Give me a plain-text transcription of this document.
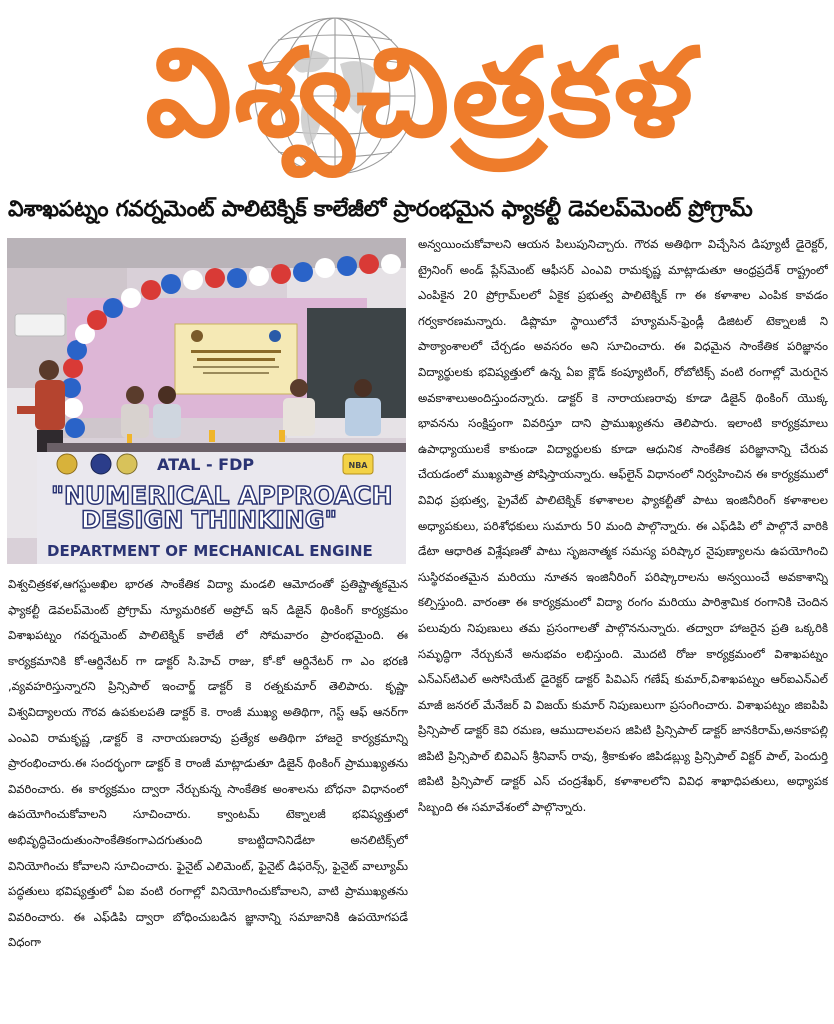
విశ్వచిత్రకళ
విశాఖపట్నం గవర్నమెంట్ పాలిటెక్నిక్ కాలేజీలో ప్రారంభమైన ఫ్యాకల్టీ డెవలప్‌మెంట్ ప్రోగ్రామ్
NBA
ATAL - FDP
"NUMERICAL APPROACH
DESIGN THINKING"
DEPARTMENT OF MECHANICAL ENGINE

విశ్వచిత్రకళ,ఆగస్టుఅఖిల భారత సాంకేతిక విద్యా మండలి ఆమోదంతో ప్రతిష్టాత్మకమైన ఫ్యాకల్టీ డెవలప్‌మెంట్ ప్రోగ్రామ్ న్యూమరికల్ అప్రోచ్ ఇన్ డిజైన్ థింకింగ్ కార్యక్రమం విశాఖపట్నం గవర్నమెంట్ పాలిటెక్నిక్ కాలేజీ లో సోమవారం ప్రారంభమైంది. ఈ కార్యక్రమానికి కో-ఆర్డినేటర్ గా డాక్టర్ సి.హెచ్ రాజు, కో-కో ఆర్డినేటర్ గా ఎం భరణి ,వ్యవహరిస్తున్నారని ప్రిన్సిపాల్ ఇంచార్జ్ డాక్టర్ కె రత్నకుమార్ తెలిపారు. కృష్ణా విశ్వవిద్యాలయ గౌరవ ఉపకులపతి డాక్టర్ కె. రాంజీ ముఖ్య అతిథిగా, గెస్ట్ ఆఫ్ ఆనర్‌గా ఎంఎవి రామకృష్ణ ,డాక్టర్ కె నారాయణరావు ప్రత్యేక అతిథిగా హాజరై కార్యక్రమాన్ని ప్రారంభించారు.ఈ సందర్భంగా డాక్టర్ కె రాంజీ మాట్లాడుతూ డిజైన్ థింకింగ్ ప్రాముఖ్యతను వివరించారు. ఈ కార్యక్రమం ద్వారా నేర్చుకున్న సాంకేతిక అంశాలను బోధనా విధానంలో ఉపయోగించుకోవాలని సూచించారు. క్వాంటమ్ టెక్నాలజీ భవిష్యత్తులో అభివృద్ధిచెందుతుంసాంకేతికంగాఎదగుతుంది కాబట్టిదానినిడేటా అనలిటిక్స్‌లో వినియోగించు కోవాలని సూచించారు. ఫైనైట్ ఎలిమెంట్, ఫైనైట్ డిఫరెన్స్, ఫైనైట్ వాల్యూమ్ పద్ధతులు భవిష్యత్తులో ఏఐ వంటి రంగాల్లో వినియోగించుకోవాలని, వాటి ప్రాముఖ్యతను వివరించారు. ఈ ఎఫ్‌డిపి ద్వారా బోధించుబడిన జ్ఞానాన్ని సమాజానికి ఉపయోగపడే విధంగా

అన్వయించుకోవాలని ఆయన పిలుపునిచ్చారు. గౌరవ అతిథిగా విచ్చేసిన డిప్యూటీ డైరెక్టర్, ట్రైనింగ్ అండ్ ప్లేస్‌మెంట్ ఆఫీసర్ ఎంఎవి రామకృష్ణ మాట్లాడుతూ ఆంధ్రప్రదేశ్ రాష్ట్రంలో ఎంపికైన 20 ప్రోగ్రామ్‌లలో ఏకైక ప్రభుత్వ పాలిటెక్నిక్ గా ఈ కళాశాల ఎంపిక కావడం గర్వకారణమన్నారు. డిప్లొమా స్థాయిలోనే హ్యూమన్-ఫ్రెండ్లీ డిజిటల్ టెక్నాలజీ ని పాఠ్యాంశాలలో చేర్చడం అవసరం అని సూచించారు. ఈ విధమైన సాంకేతిక పరిజ్ఞానం విద్యార్థులకు భవిష్యత్తులో ఉన్న ఏఐ క్లౌడ్ కంప్యూటింగ్, రోబోటిక్స్ వంటి రంగాల్లో మెరుగైన అవకాశాలుఅందిస్తుందన్నారు. డాక్టర్ కె నారాయణరావు కూడా డిజైన్ థింకింగ్ యొక్క భావనను సంక్షిప్తంగా వివరిస్తూ దాని ప్రాముఖ్యతను తెలిపారు. ఇలాంటి కార్యక్రమాలు ఉపాధ్యాయులకే కాకుండా విద్యార్థులకు కూడా ఆధునిక సాంకేతిక పరిజ్ఞానాన్ని చేరువ చేయడంలో ముఖ్యపాత్ర పోషిస్తాయన్నారు. ఆఫ్‌లైన్ విధానంలో నిర్వహించిన ఈ కార్యక్రములో వివిధ ప్రభుత్వ, ప్రైవేట్ పాలిటెక్నిక్ కళాశాలల ఫ్యాకల్టీతో పాటు ఇంజినీరింగ్ కళాశాలల అధ్యాపకులు, పరిశోధకులు సుమారు 50 మంది పాల్గొన్నారు. ఈ ఎఫ్‌డిపి లో పాల్గొనే వారికి డేటా ఆధారిత విశ్లేషణతో పాటు సృజనాత్మక సమస్య పరిష్కార నైపుణ్యాలను ఉపయోగించి సుస్థిరవంతమైన మరియు నూతన ఇంజినీరింగ్ పరిష్కారాలను అన్వయించే అవకాశాన్ని కల్పిస్తుంది. వారంతా ఈ కార్యక్రమంలో విద్యా రంగం మరియు పారిశ్రామిక రంగానికి చెందిన పలువురు నిపుణులు తమ ప్రసంగాలతో పాల్గొననున్నారు. తద్వారా హాజరైన ప్రతి ఒక్కరికి సమృద్ధిగా నేర్చుకునే అనుభవం లభిస్తుంది. మొదటి రోజు కార్యక్రమంలో విశాఖపట్నం ఎన్‌ఎస్‌టిఎల్ అసోసియేట్ డైరెక్టర్ డాక్టర్ పివిఎస్ గణేష్ కుమార్,విశాఖపట్నం ఆర్‌ఐఎన్‌ఎల్ మాజీ జనరల్ మేనేజర్ వి విజయ్ కుమార్ నిపుణులుగా ప్రసంగించారు. విశాఖపట్నం జిఐపిపి ప్రిన్సిపాల్ డాక్టర్ కెవి రమణ, ఆముదాలవలస జిపిటి ప్రిన్సిపాల్ డాక్టర్ జానకిరామ్,అనకాపల్లి జిపిటి ప్రిన్సిపాల్ బివిఎస్ శ్రీనివాస్ రావు, శ్రీకాకుళం జిపిడబ్ల్యు ప్రిన్సిపాల్ విక్టర్ పాల్, పెందుర్తి జిపిటి ప్రిన్సిపాల్ డాక్టర్ ఎస్ చంద్రశేఖర్, కళాశాలలోని వివిధ శాఖాధిపతులు, అధ్యాపక సిబ్బంది ఈ సమావేశంలో పాల్గొన్నారు.
